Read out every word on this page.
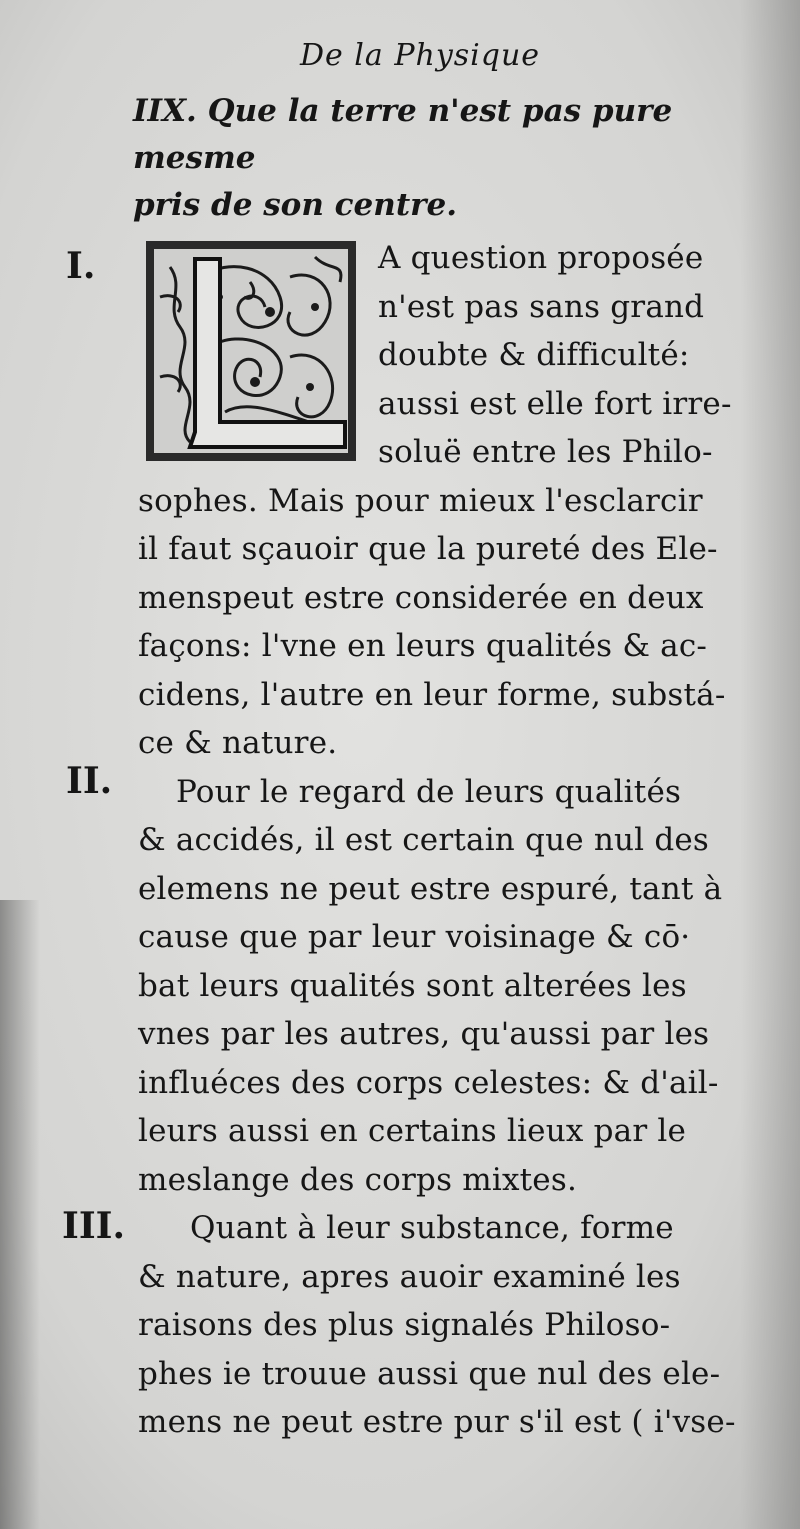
De la Physique
IIX. Que la terre n'est pas pure mesme
pris de son centre.
I.	A question proposée
n'est pas sans grand
doubte & difficulté:
aussi est elle fort irre-
soluë entre les Philo-
sophes. Mais pour mieux l'esclarcir
il faut sçauoir que la pureté des Ele-
menspeut estre considerée en deux
façons: l'vne en leurs qualités & ac-
cidens, l'autre en leur forme, substá-
ce & nature.
II. Pour le regard de leurs qualités
& accidés, il est certain que nul des
elemens ne peut estre espuré, tant à
cause que par leur voisinage & cō·
bat leurs qualités sont alterées les
vnes par les autres, qu'aussi par les
influéces des corps celestes: & d'ail-
leurs aussi en certains lieux par le
meslange des corps mixtes.
III. Quant à leur substance, forme
& nature, apres auoir examiné les
raisons des plus signalés Philoso-
phes ie trouue aussi que nul des ele-
mens ne peut estre pur s'il est ( i'vse-
